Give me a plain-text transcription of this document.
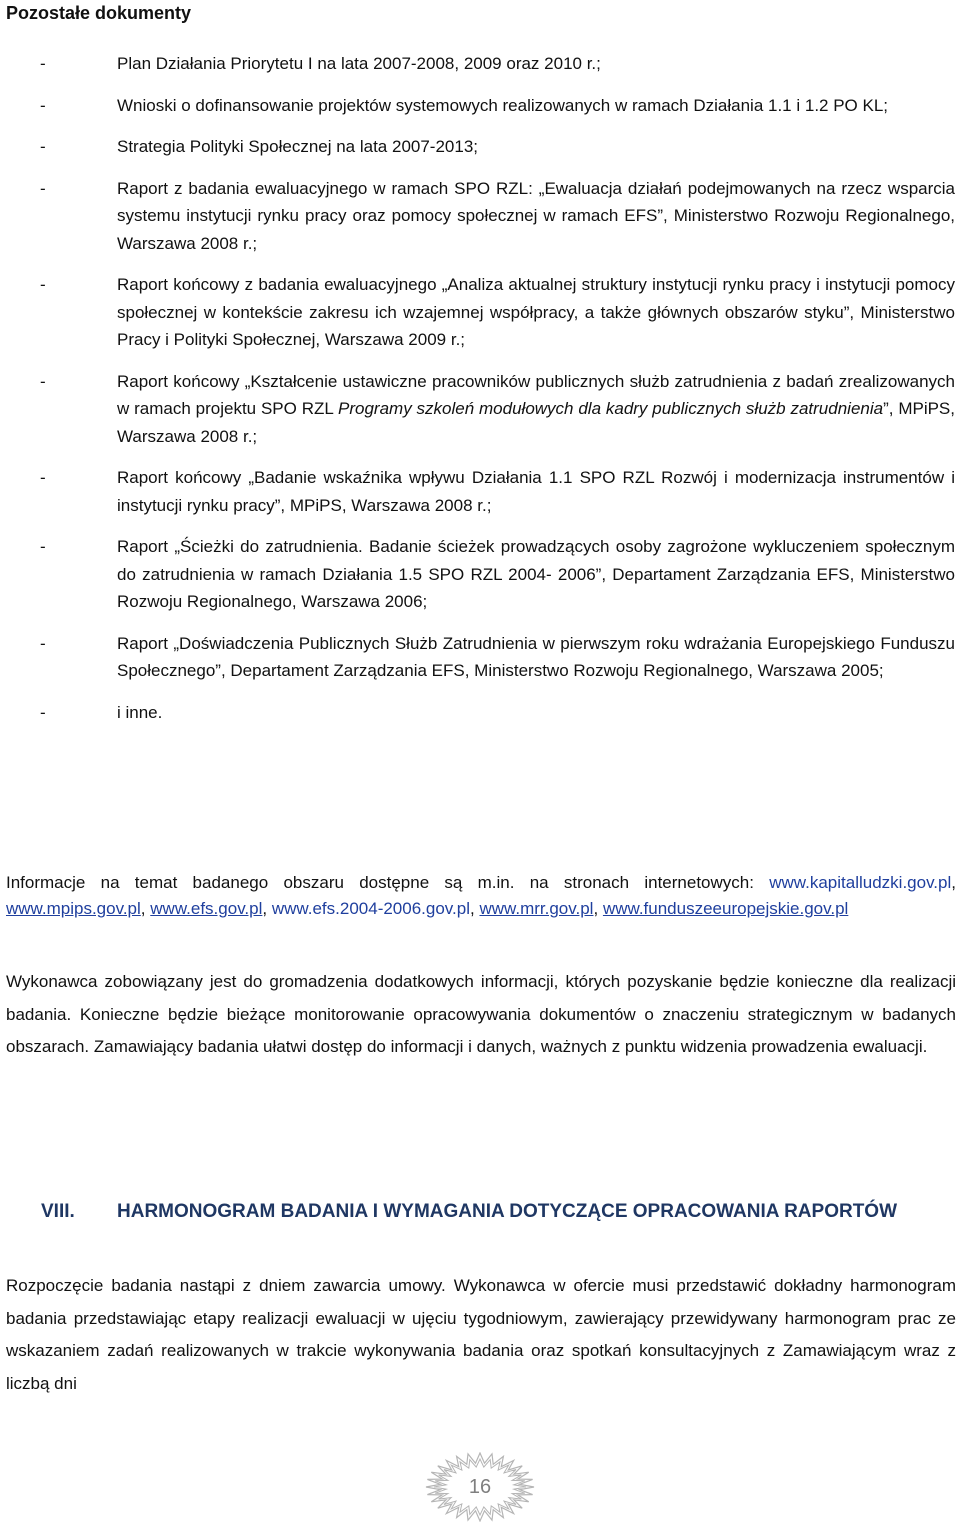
Pozostałe dokumenty
-	Plan Działania Priorytetu I na lata 2007-2008, 2009 oraz 2010 r.;
-	Wnioski o dofinansowanie projektów systemowych realizowanych w ramach Działania 1.1 i 1.2 PO KL;
-	Strategia Polityki Społecznej na lata 2007-2013;
-	Raport z badania ewaluacyjnego w ramach SPO RZL: „Ewaluacja działań podejmowanych na rzecz wsparcia systemu instytucji rynku pracy oraz pomocy społecznej w ramach EFS”, Ministerstwo Rozwoju Regionalnego, Warszawa 2008 r.;
-	Raport końcowy z badania ewaluacyjnego „Analiza aktualnej struktury instytucji rynku pracy i instytucji pomocy społecznej w kontekście zakresu ich wzajemnej współpracy, a także głównych obszarów styku”, Ministerstwo Pracy i Polityki Społecznej, Warszawa 2009 r.;
-	Raport końcowy „Kształcenie ustawiczne pracowników publicznych służb zatrudnienia z badań zrealizowanych w ramach projektu SPO RZL Programy szkoleń modułowych dla kadry publicznych służb zatrudnienia”, MPiPS, Warszawa 2008 r.;
-	Raport końcowy „Badanie wskaźnika wpływu Działania 1.1 SPO RZL Rozwój i modernizacja instrumentów i instytucji rynku pracy”, MPiPS, Warszawa 2008 r.;
-	Raport „Ścieżki do zatrudnienia. Badanie ścieżek prowadzących osoby zagrożone wykluczeniem społecznym do zatrudnienia w ramach Działania 1.5 SPO RZL 2004- 2006”, Departament Zarządzania EFS, Ministerstwo Rozwoju Regionalnego, Warszawa 2006;
-	Raport „Doświadczenia Publicznych Służb Zatrudnienia w pierwszym roku wdrażania Europejskiego Funduszu Społecznego”, Departament Zarządzania EFS, Ministerstwo Rozwoju Regionalnego, Warszawa 2005;
-	i inne.

Informacje na temat badanego obszaru dostępne są m.in. na stronach internetowych: www.kapitalludzki.gov.pl, www.mpips.gov.pl, www.efs.gov.pl, www.efs.2004-2006.gov.pl, www.mrr.gov.pl, www.funduszeeuropejskie.gov.pl

Wykonawca zobowiązany jest do gromadzenia dodatkowych informacji, których pozyskanie będzie konieczne dla realizacji badania. Konieczne będzie bieżące monitorowanie opracowywania dokumentów o znaczeniu strategicznym w badanych obszarach. Zamawiający badania ułatwi dostęp do informacji i danych, ważnych z punktu widzenia prowadzenia ewaluacji.

VIII. HARMONOGRAM BADANIA I WYMAGANIA DOTYCZĄCE OPRACOWANIA RAPORTÓW

Rozpoczęcie badania nastąpi z dniem zawarcia umowy. Wykonawca w ofercie musi przedstawić dokładny harmonogram badania przedstawiając etapy realizacji ewaluacji w ujęciu tygodniowym, zawierający przewidywany harmonogram prac ze wskazaniem zadań realizowanych w trakcie wykonywania badania oraz spotkań konsultacyjnych z Zamawiającym wraz z liczbą dni

16
